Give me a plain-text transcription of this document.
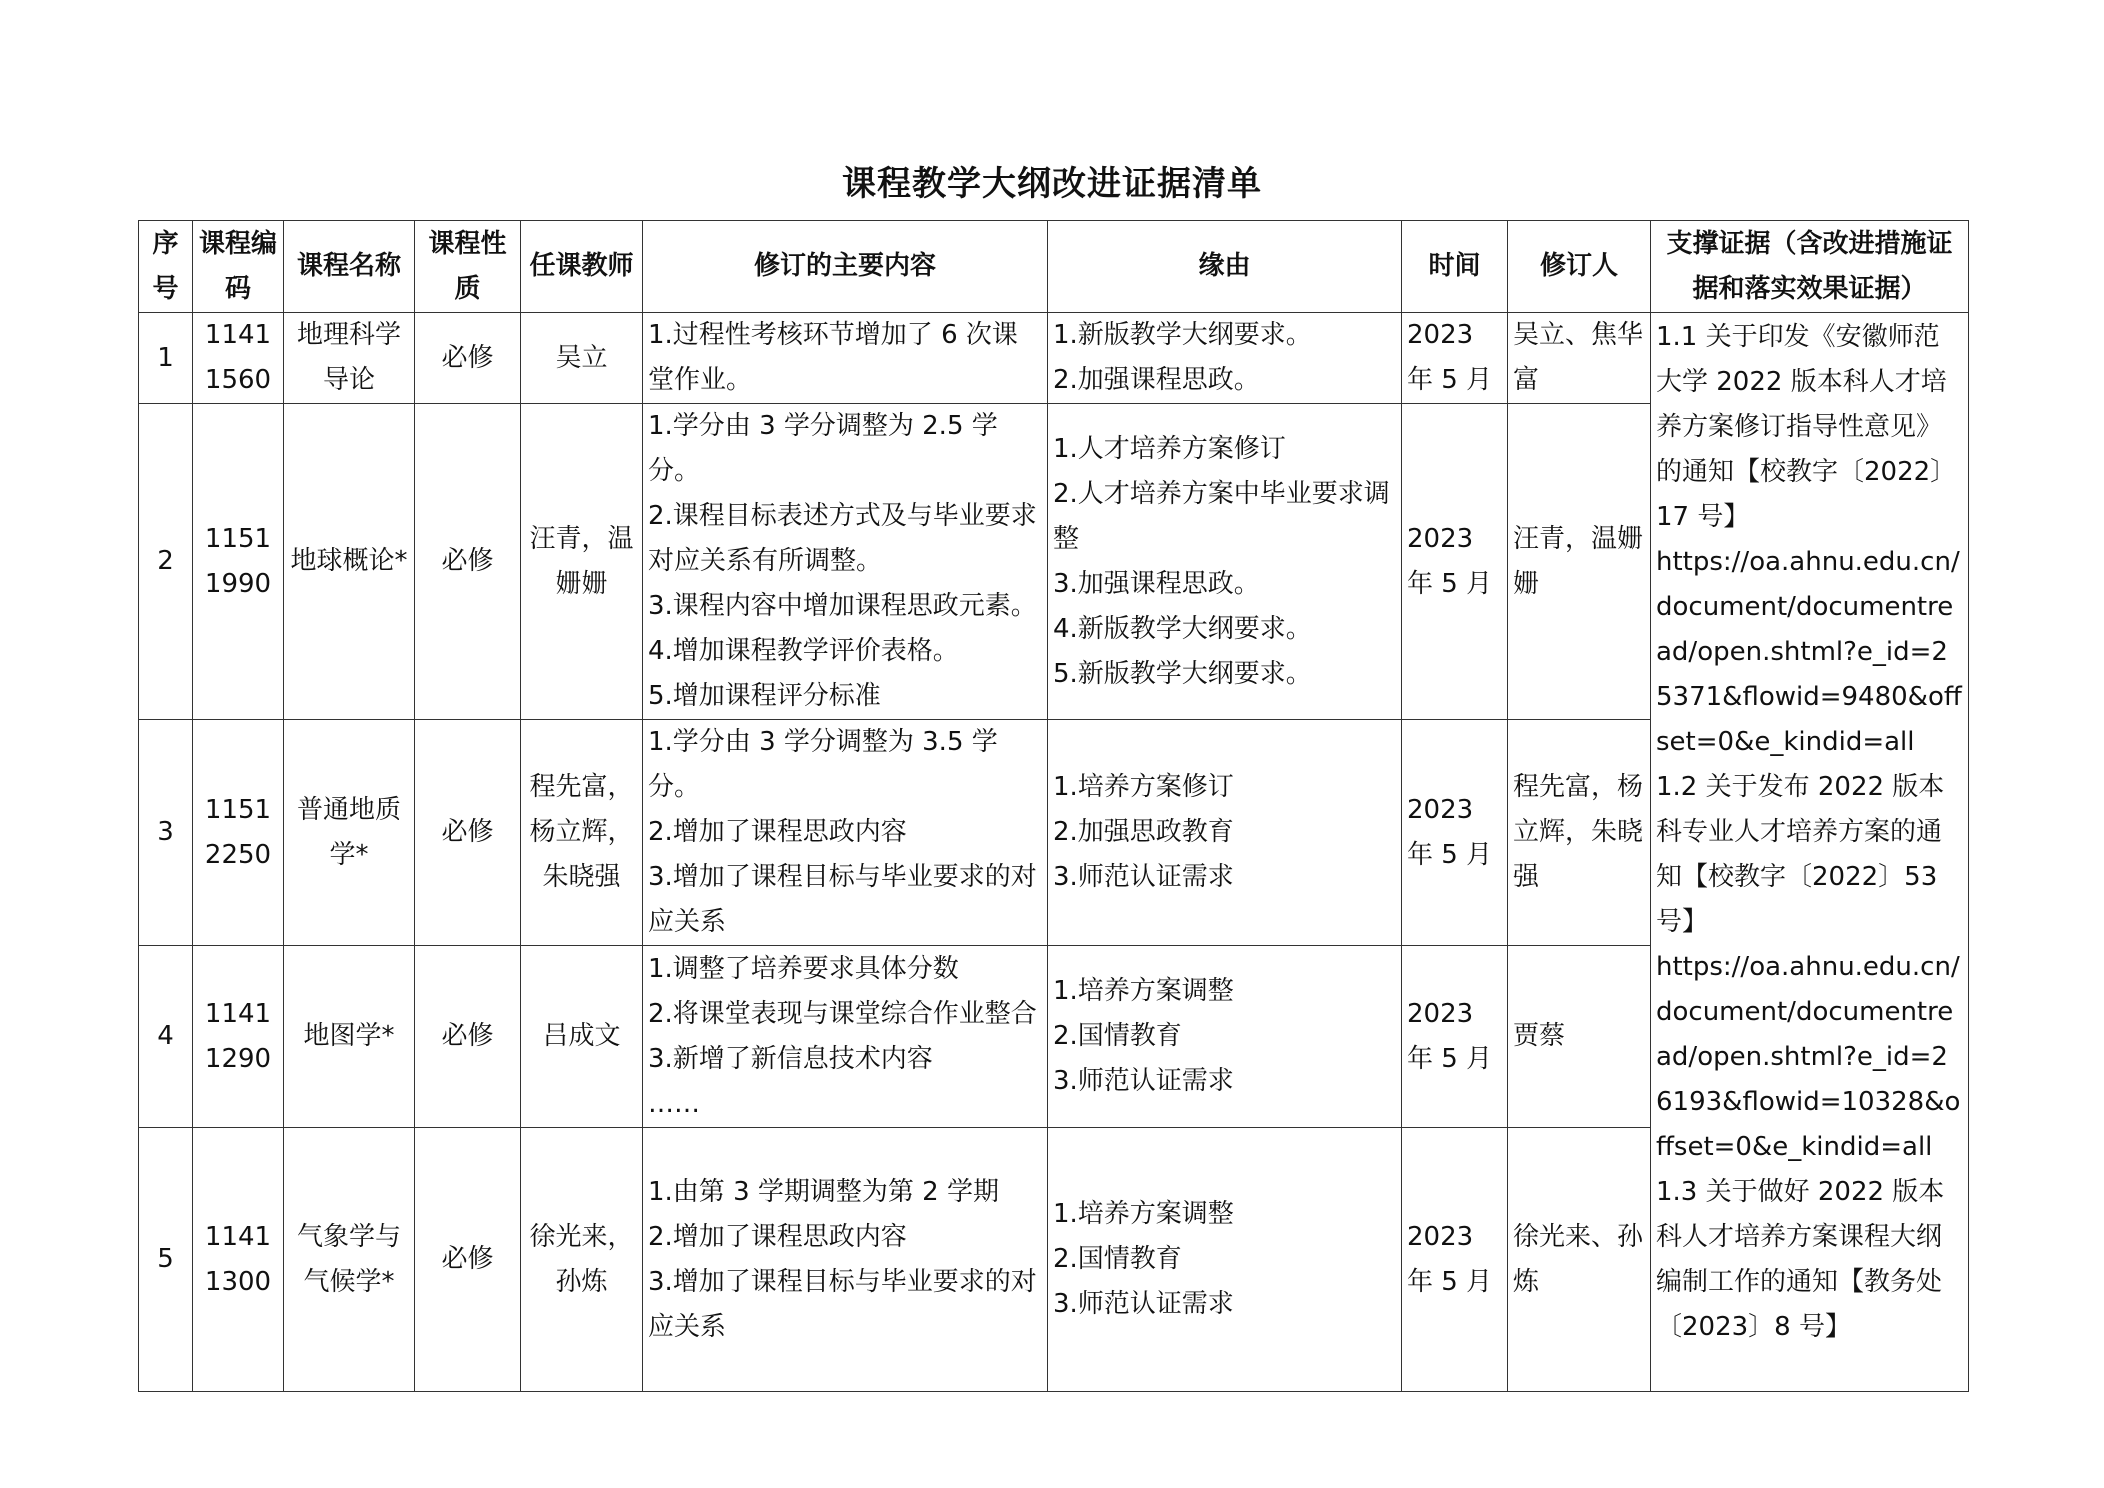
课程教学大纲改进证据清单
序号	课程编码	课程名称	课程性质	任课教师	修订的主要内容	缘由	时间	修订人	支撑证据（含改进措施证据和落实效果证据）
1	11411560	地理科学导论	必修	吴立	1.过程性考核环节增加了 6 次课堂作业。	1.新版教学大纲要求。
2.加强课程思政。	2023 年 5 月	吴立、焦华富	1.1 关于印发《安徽师范大学 2022 版本科人才培养方案修订指导性意见》的通知【校教字〔2022〕17 号】
https://oa.ahnu.edu.cn/document/documentread/open.shtml?e_id=25371&flowid=9480&offset=0&e_kindid=all
1.2 关于发布 2022 版本科专业人才培养方案的通知【校教字〔2022〕53 号】
https://oa.ahnu.edu.cn/document/documentread/open.shtml?e_id=26193&flowid=10328&offset=0&e_kindid=all
1.3 关于做好 2022 版本科人才培养方案课程大纲编制工作的通知【教务处〔2023〕8 号】

2	11511990	地球概论*	必修	汪青，温姗姗	1.学分由 3 学分调整为 2.5 学分。
2.课程目标表述方式及与毕业要求对应关系有所调整。
3.课程内容中增加课程思政元素。
4.增加课程教学评价表格。
5.增加课程评分标准	1.人才培养方案修订
2.人才培养方案中毕业要求调整
3.加强课程思政。
4.新版教学大纲要求。
5.新版教学大纲要求。	2023 年 5 月	汪青，温姗姗	
3	11512250	普通地质学*	必修	程先富，杨立辉，朱晓强	1.学分由 3 学分调整为 3.5 学分。
2.增加了课程思政内容
3.增加了课程目标与毕业要求的对应关系	1.培养方案修订
2.加强思政教育
3.师范认证需求	2023 年 5 月	程先富，杨立辉，朱晓强	
4	11411290	地图学*	必修	吕成文	1.调整了培养要求具体分数
2.将课堂表现与课堂综合作业整合
3.新增了新信息技术内容
……	1.培养方案调整
2.国情教育
3.师范认证需求	2023 年 5 月	贾蔡	
5	11411300	气象学与气候学*	必修	徐光来，孙炼	1.由第 3 学期调整为第 2 学期
2.增加了课程思政内容
3.增加了课程目标与毕业要求的对应关系	1.培养方案调整
2.国情教育
3.师范认证需求	2023 年 5 月	徐光来、孙炼	
